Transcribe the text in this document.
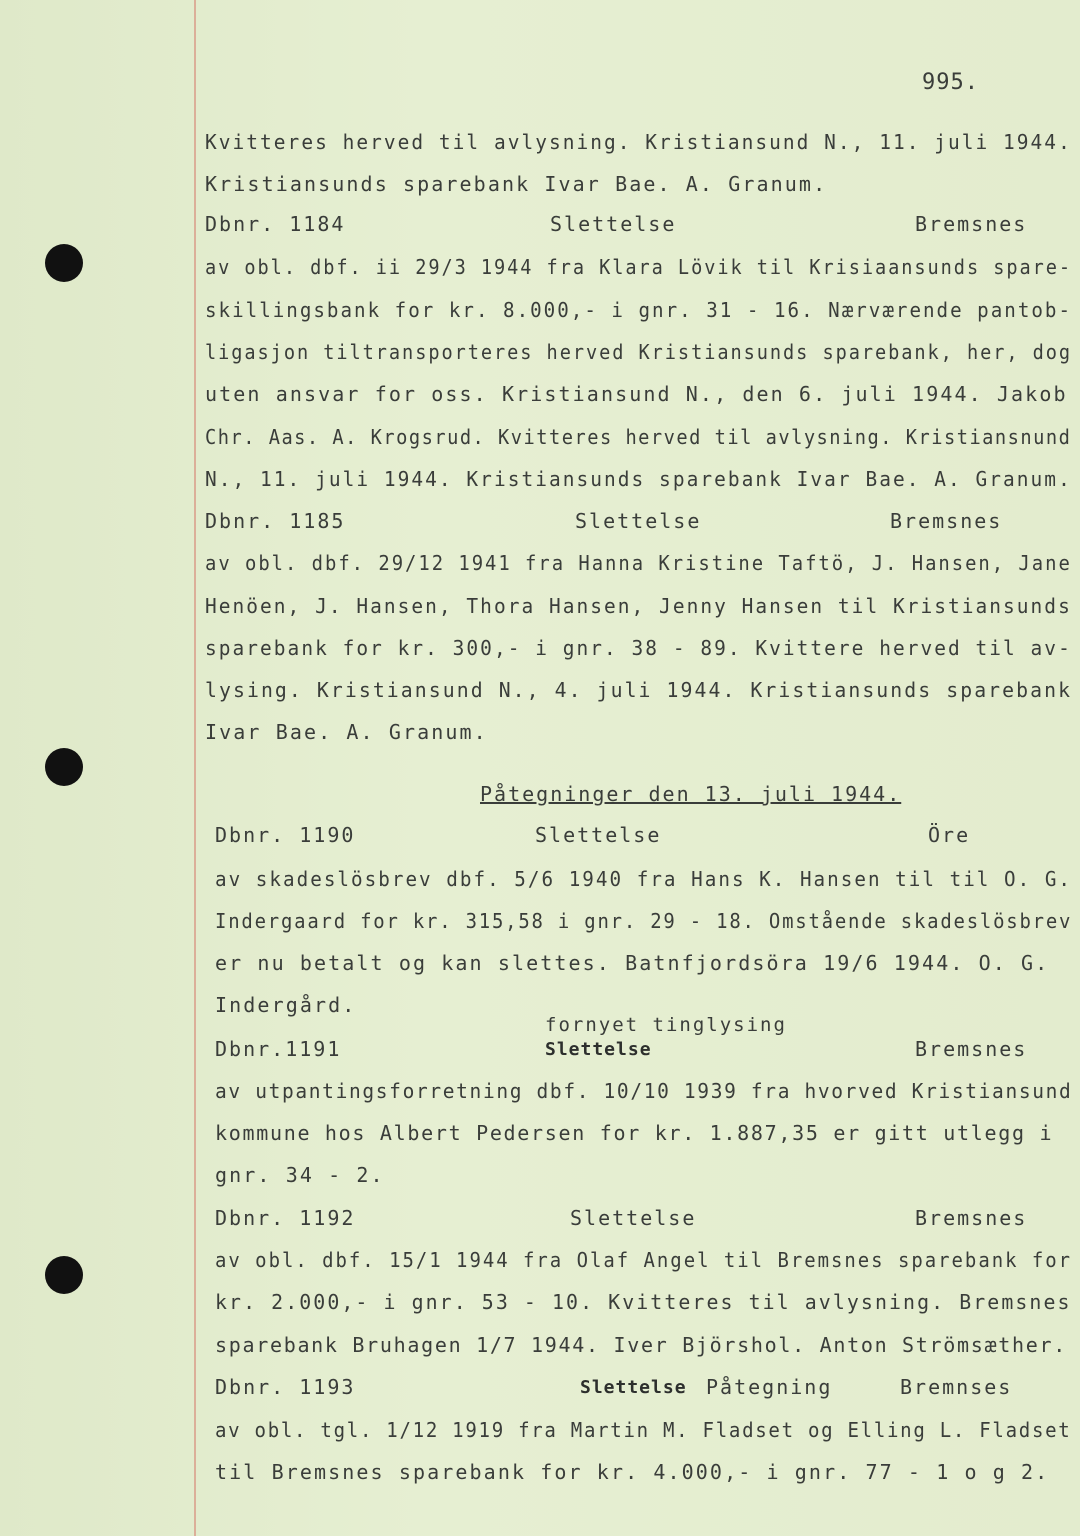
995.
Kvitteres herved til avlysning. Kristiansund N., 11. juli 1944.
Kristiansunds sparebank Ivar Bae. A. Granum.
Dbnr. 1184	Slettelse	Bremsnes
av obl. dbf. ii 29/3 1944 fra Klara Lövik til Krisiaansunds spare-
skillingsbank for kr. 8.000,- i gnr. 31 - 16. Nærværende pantob-
ligasjon tiltransporteres herved Kristiansunds sparebank, her, dog
uten ansvar for oss. Kristiansund N., den 6. juli 1944. Jakob
Chr. Aas. A. Krogsrud. Kvitteres herved til avlysning. Kristiansnund
N., 11. juli 1944. Kristiansunds sparebank Ivar Bae. A. Granum.
Dbnr. 1185	Slettelse	Bremsnes
av obl. dbf. 29/12 1941 fra Hanna Kristine Taftö, J. Hansen, Jane
Henöen, J. Hansen, Thora Hansen, Jenny Hansen til Kristiansunds
sparebank for kr. 300,- i gnr. 38 - 89. Kvittere herved til av-
lysing. Kristiansund N., 4. juli 1944. Kristiansunds sparebank
Ivar Bae. A. Granum.
Påtegninger den 13. juli 1944.
Dbnr. 1190	Slettelse	Öre
av skadeslösbrev dbf. 5/6 1940 fra Hans K. Hansen til til O. G.
Indergaard for kr. 315,58 i gnr. 29 - 18. Omstående skadeslösbrev
er nu betalt og kan slettes. Batnfjordsöra 19/6 1944. O. G.
Indergård.
fornyet tinglysing
Dbnr.1191	Slettelse	Bremsnes
av utpantingsforretning dbf. 10/10 1939 fra hvorved Kristiansund
kommune hos Albert Pedersen for kr. 1.887,35 er gitt utlegg i
gnr. 34 - 2.
Dbnr. 1192	Slettelse	Bremsnes
av obl. dbf. 15/1 1944 fra Olaf Angel til Bremsnes sparebank for
kr. 2.000,- i gnr. 53 - 10. Kvitteres til avlysning. Bremsnes
sparebank Bruhagen 1/7 1944. Iver Björshol. Anton Strömsæther.
Dbnr. 1193	Slettelse Påtegning	Bremnses
av obl. tgl. 1/12 1919 fra Martin M. Fladset og Elling L. Fladset
til Bremsnes sparebank for kr. 4.000,- i gnr. 77 - 1 o g 2.
